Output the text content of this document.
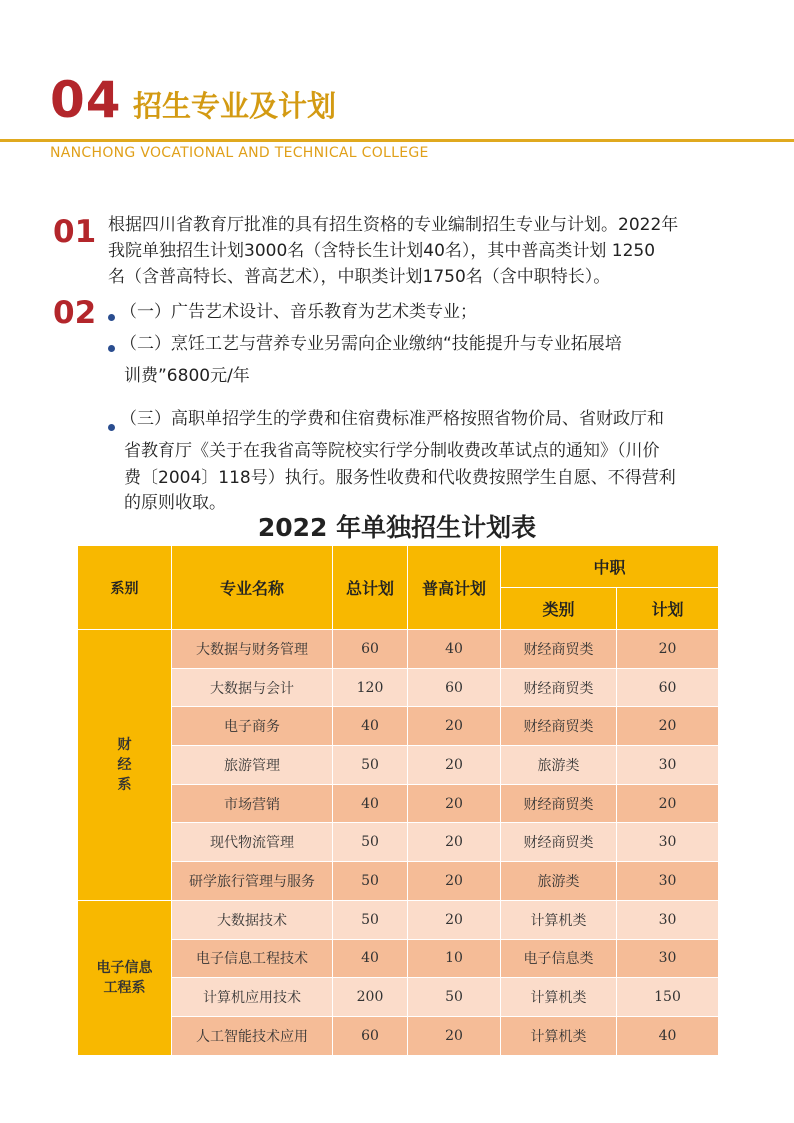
04 招生专业及计划
NANCHONG VOCATIONAL AND TECHNICAL COLLEGE
01 根据四川省教育厅批准的具有招生资格的专业编制招生专业与计划。2022年
我院单独招生计划3000名（含特长生计划40名），其中普高类计划 1250
名（含普高特长、普高艺术），中职类计划1750名（含中职特长）。
02 （一）广告艺术设计、音乐教育为艺术类专业；
（二）烹饪工艺与营养专业另需向企业缴纳“技能提升与专业拓展培
训费”6800元/年
（三）高职单招学生的学费和住宿费标准严格按照省物价局、省财政厅和
省教育厅《关于在我省高等院校实行学分制收费改革试点的通知》（川价
费〔2004〕118号）执行。服务性收费和代收费按照学生自愿、不得营利
的原则收取。
2022 年单独招生计划表
系别	专业名称	总计划	普高计划	中职	
				类别	计划
财
经
系	大数据与财务管理	60	40	财经商贸类	20
	大数据与会计	120	60	财经商贸类	60
	电子商务	40	20	财经商贸类	20
	旅游管理	50	20	旅游类	30
	市场营销	40	20	财经商贸类	20
	现代物流管理	50	20	财经商贸类	30
	研学旅行管理与服务	50	20	旅游类	30
电子信息
工程系	大数据技术	50	20	计算机类	30
	电子信息工程技术	40	10	电子信息类	30
	计算机应用技术	200	50	计算机类	150
	人工智能技术应用	60	20	计算机类	40
